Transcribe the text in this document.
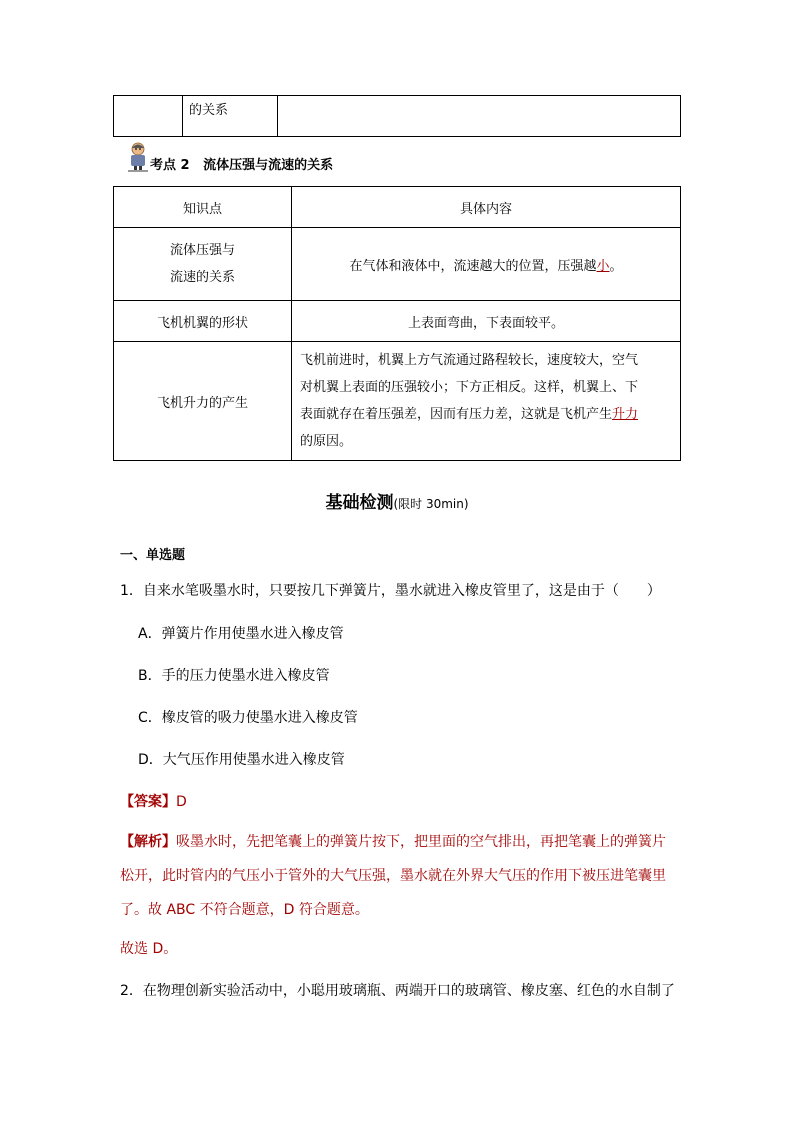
	的关系	
考点 2 流体压强与流速的关系
知识点	具体内容

流体压强与
流速的关系	在气体和液体中，流速越大的位置，压强越小。
飞机机翼的形状	上表面弯曲，下表面较平。
飞机升力的产生	飞机前进时，机翼上方气流通过路程较长，速度较大，空气
对机翼上表面的压强较小；下方正相反。这样，机翼上、下
表面就存在着压强差，因而有压力差，这就是飞机产生升力
的原因。
基础检测(限时 30min)
一、单选题
1．自来水笔吸墨水时，只要按几下弹簧片，墨水就进入橡皮管里了，这是由于（　　）
A．弹簧片作用使墨水进入橡皮管
B．手的压力使墨水进入橡皮管
C．橡皮管的吸力使墨水进入橡皮管
D．大气压作用使墨水进入橡皮管
【答案】D
【解析】吸墨水时，先把笔囊上的弹簧片按下，把里面的空气排出，再把笔囊上的弹簧片
松开，此时管内的气压小于管外的大气压强，墨水就在外界大气压的作用下被压进笔囊里
了。故 ABC 不符合题意，D 符合题意。
故选 D。
2．在物理创新实验活动中，小聪用玻璃瓶、两端开口的玻璃管、橡皮塞、红色的水自制了
